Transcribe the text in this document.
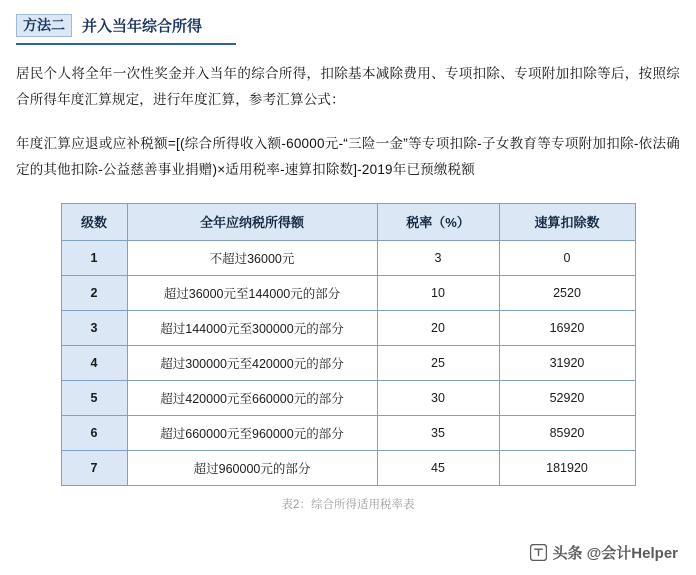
方法二	并入当年综合所得

居民个人将全年一次性奖金并入当年的综合所得，扣除基本减除费用、专项扣除、专项附加扣除等后，按照综合所得年度汇算规定，进行年度汇算，参考汇算公式：

年度汇算应退或应补税额=[(综合所得收入额-60000元-“三险一金”等专项扣除-子女教育等专项附加扣除-依法确定的其他扣除-公益慈善事业捐赠)×适用税率-速算扣除数]-2019年已预缴税额

级数	全年应纳税所得额	税率（%）	速算扣除数
1	不超过36000元	3	0
2	超过36000元至144000元的部分	10	2520
3	超过144000元至300000元的部分	20	16920
4	超过300000元至420000元的部分	25	31920
5	超过420000元至660000元的部分	30	52920
6	超过660000元至960000元的部分	35	85920
7	超过960000元的部分	45	181920
表2：综合所得适用税率表
头条 @会计Helper
